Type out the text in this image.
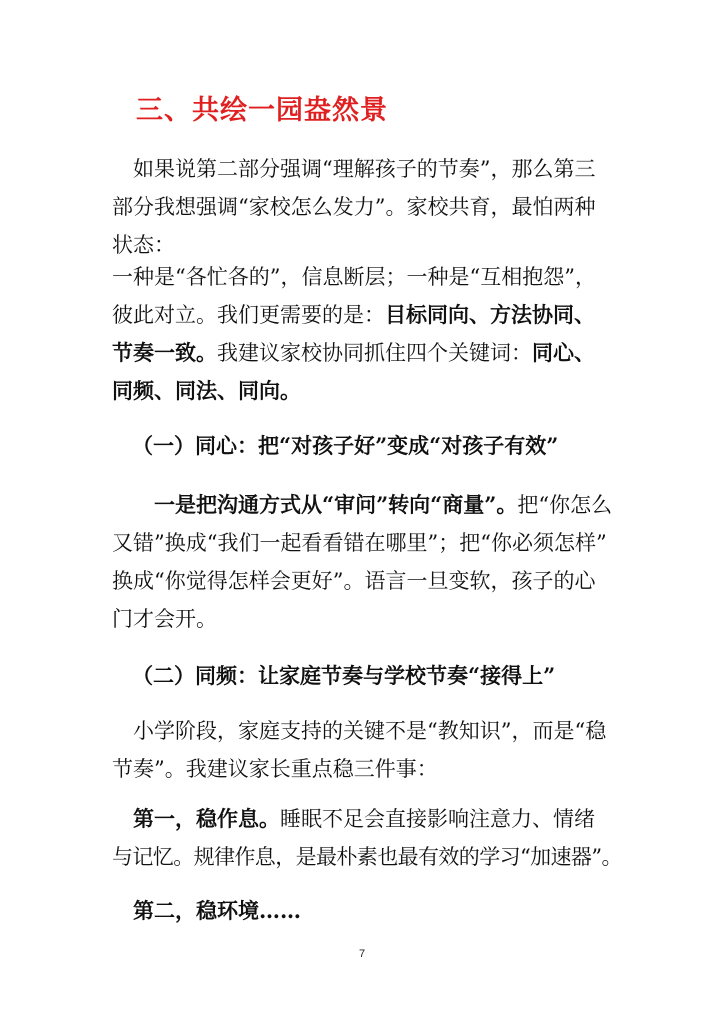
三、共绘一园盎然景
如果说第二部分强调“理解孩子的节奏”，那么第三
部分我想强调“家校怎么发力”。家校共育，最怕两种
状态：
一种是“各忙各的”，信息断层；一种是“互相抱怨”，
彼此对立。我们更需要的是：目标同向、方法协同、
节奏一致。我建议家校协同抓住四个关键词：同心、
同频、同法、同向。
（一）同心：把“对孩子好”变成“对孩子有效”
一是把沟通方式从“审问”转向“商量”。把“你怎么
又错”换成“我们一起看看错在哪里”；把“你必须怎样”
换成“你觉得怎样会更好”。语言一旦变软，孩子的心
门才会开。
（二）同频：让家庭节奏与学校节奏“接得上”
小学阶段，家庭支持的关键不是“教知识”，而是“稳
节奏”。我建议家长重点稳三件事：
第一，稳作息。睡眠不足会直接影响注意力、情绪
与记忆。规律作息，是最朴素也最有效的学习“加速器”。
第二，稳环境……
7
